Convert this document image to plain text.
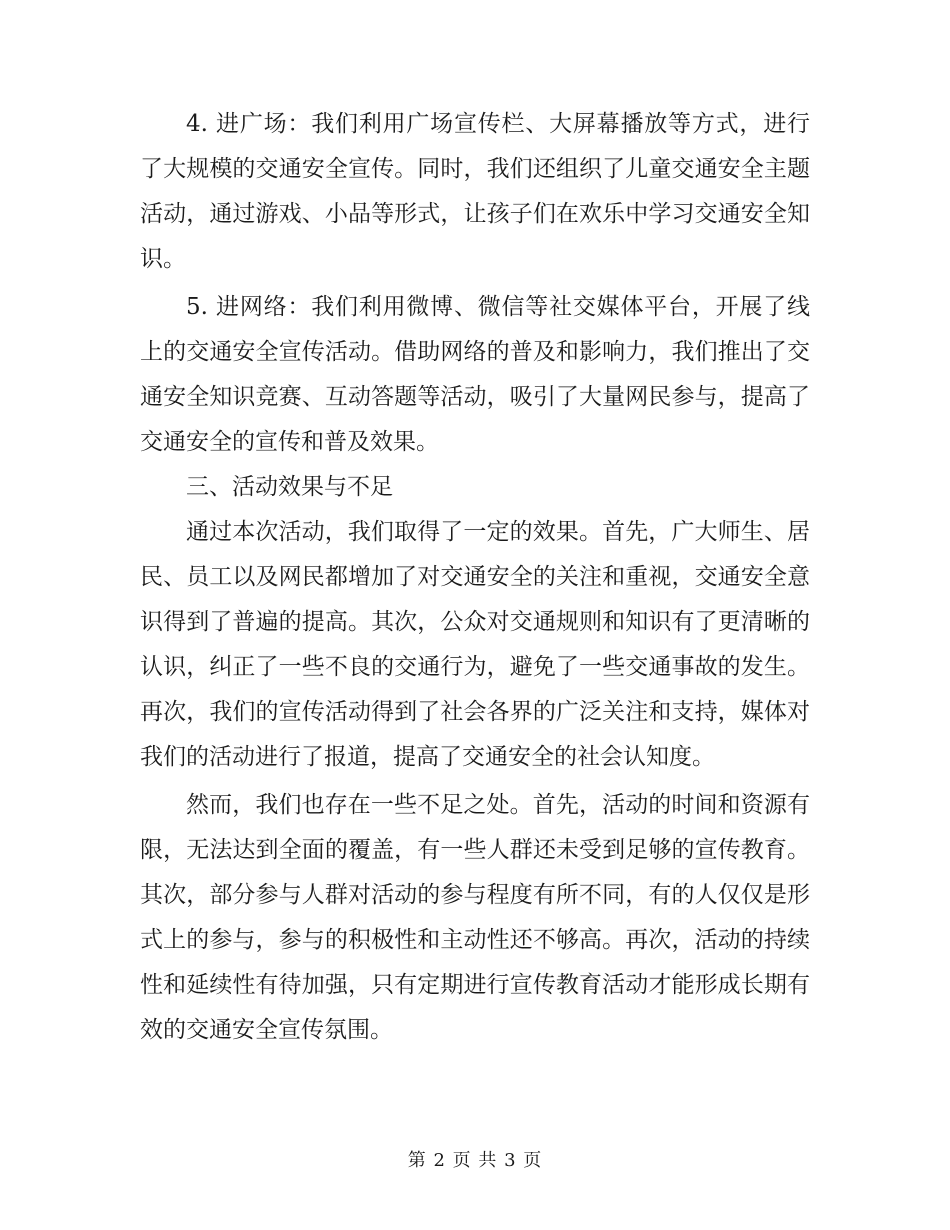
4. 进广场：我们利用广场宣传栏、大屏幕播放等方式，进行了大规模的交通安全宣传。同时，我们还组织了儿童交通安全主题活动，通过游戏、小品等形式，让孩子们在欢乐中学习交通安全知识。

5. 进网络：我们利用微博、微信等社交媒体平台，开展了线上的交通安全宣传活动。借助网络的普及和影响力，我们推出了交通安全知识竞赛、互动答题等活动，吸引了大量网民参与，提高了交通安全的宣传和普及效果。

三、活动效果与不足

通过本次活动，我们取得了一定的效果。首先，广大师生、居民、员工以及网民都增加了对交通安全的关注和重视，交通安全意识得到了普遍的提高。其次，公众对交通规则和知识有了更清晰的认识，纠正了一些不良的交通行为，避免了一些交通事故的发生。再次，我们的宣传活动得到了社会各界的广泛关注和支持，媒体对我们的活动进行了报道，提高了交通安全的社会认知度。

然而，我们也存在一些不足之处。首先，活动的时间和资源有限，无法达到全面的覆盖，有一些人群还未受到足够的宣传教育。其次，部分参与人群对活动的参与程度有所不同，有的人仅仅是形式上的参与，参与的积极性和主动性还不够高。再次，活动的持续性和延续性有待加强，只有定期进行宣传教育活动才能形成长期有效的交通安全宣传氛围。

第 2 页 共 3 页
